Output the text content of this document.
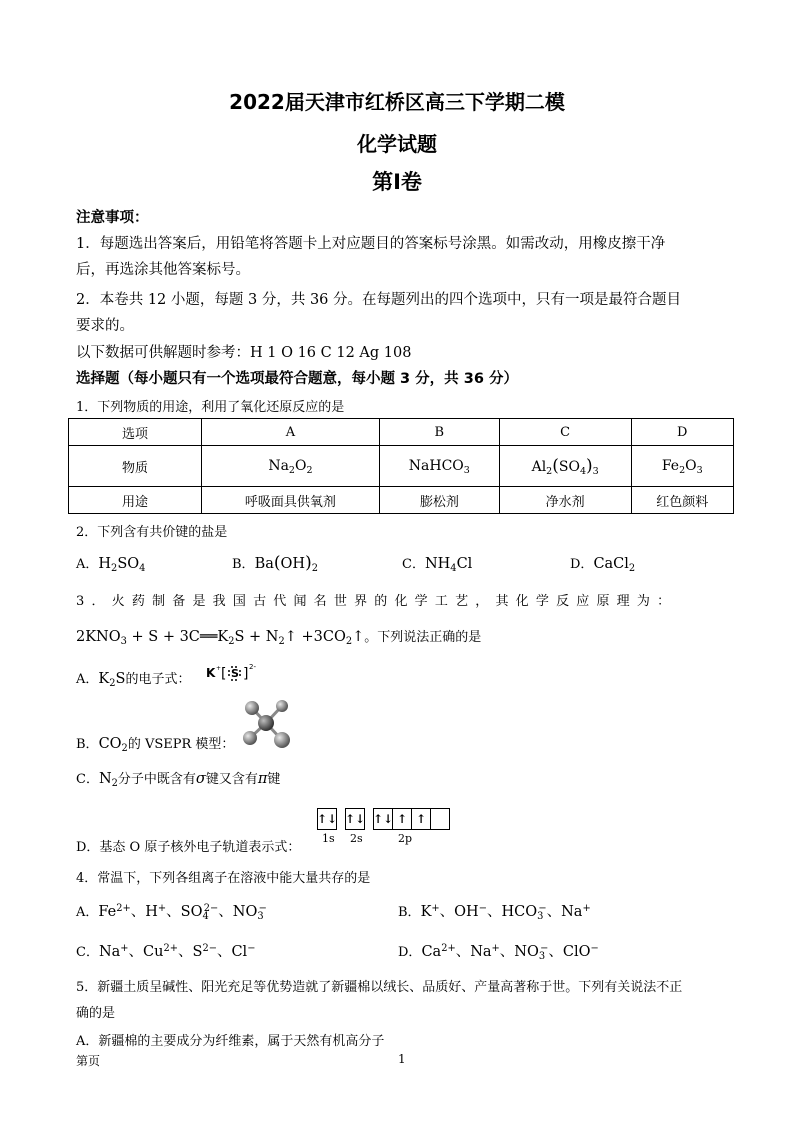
2022届天津市红桥区高三下学期二模
化学试题
第Ⅰ卷
注意事项：
1．每题选出答案后，用铅笔将答题卡上对应题目的答案标号涂黑。如需改动，用橡皮擦干净
后，再选涂其他答案标号。
2．本卷共 12 小题，每题 3 分，共 36 分。在每题列出的四个选项中，只有一项是最符合题目
要求的。
以下数据可供解题时参考：H 1 O 16 C 12 Ag 108
选择题（每小题只有一个选项最符合题意，每小题 3 分，共 36 分）
1．下列物质的用途，利用了氧化还原反应的是
选项	A	B	C	D
物质	$Na_2O_2$	NaHCO$_3$	$Al_2(SO_4)_3$	$Fe_2O_3$
用途	呼吸面具供氧剂	膨松剂	净水剂	红色颜料
2．下列含有共价键的盐是
A．$H_2SO_4$	B．$Ba(OH)_2$	C．$NH_4Cl$	D．CaCl$_2$
3．火药制备是我国古代闻名世界的化学工艺，其化学反应原理为：
$2KNO_3 + S$ + $3C══K_2S$ + $N_2↑$ $+3CO_2↑$。下列说法正确的是
A．$K_2S$的电子式： K + [ S ] 2-
B．$CO_2$的 VSEPR 模型：
C．$N_2$分子中既含有σ键又含有π键
D．基态 O 原子核外电子轨道表示式：
↑↓ ↑↓ ↑↓ ↑ ↑
1s 2s	2p
4．常温下，下列各组离子在溶液中能大量共存的是
A．$Fe^{2+}$、H+、$SO_4^{2-}$、$NO_3^-$	B．K+、OH−、$HCO_3^-$、Na+
C．Na+、$Cu^{2+}$、$S^{2-}$、Cl−	D．$Ca^{2+}$、Na+、$NO_3^-$、ClO−
5．新疆土质呈碱性、阳光充足等优势造就了新疆棉以绒长、品质好、产量高著称于世。下列有关说法不正
确的是
A．新疆棉的主要成分为纤维素，属于天然有机高分子
第页	1
